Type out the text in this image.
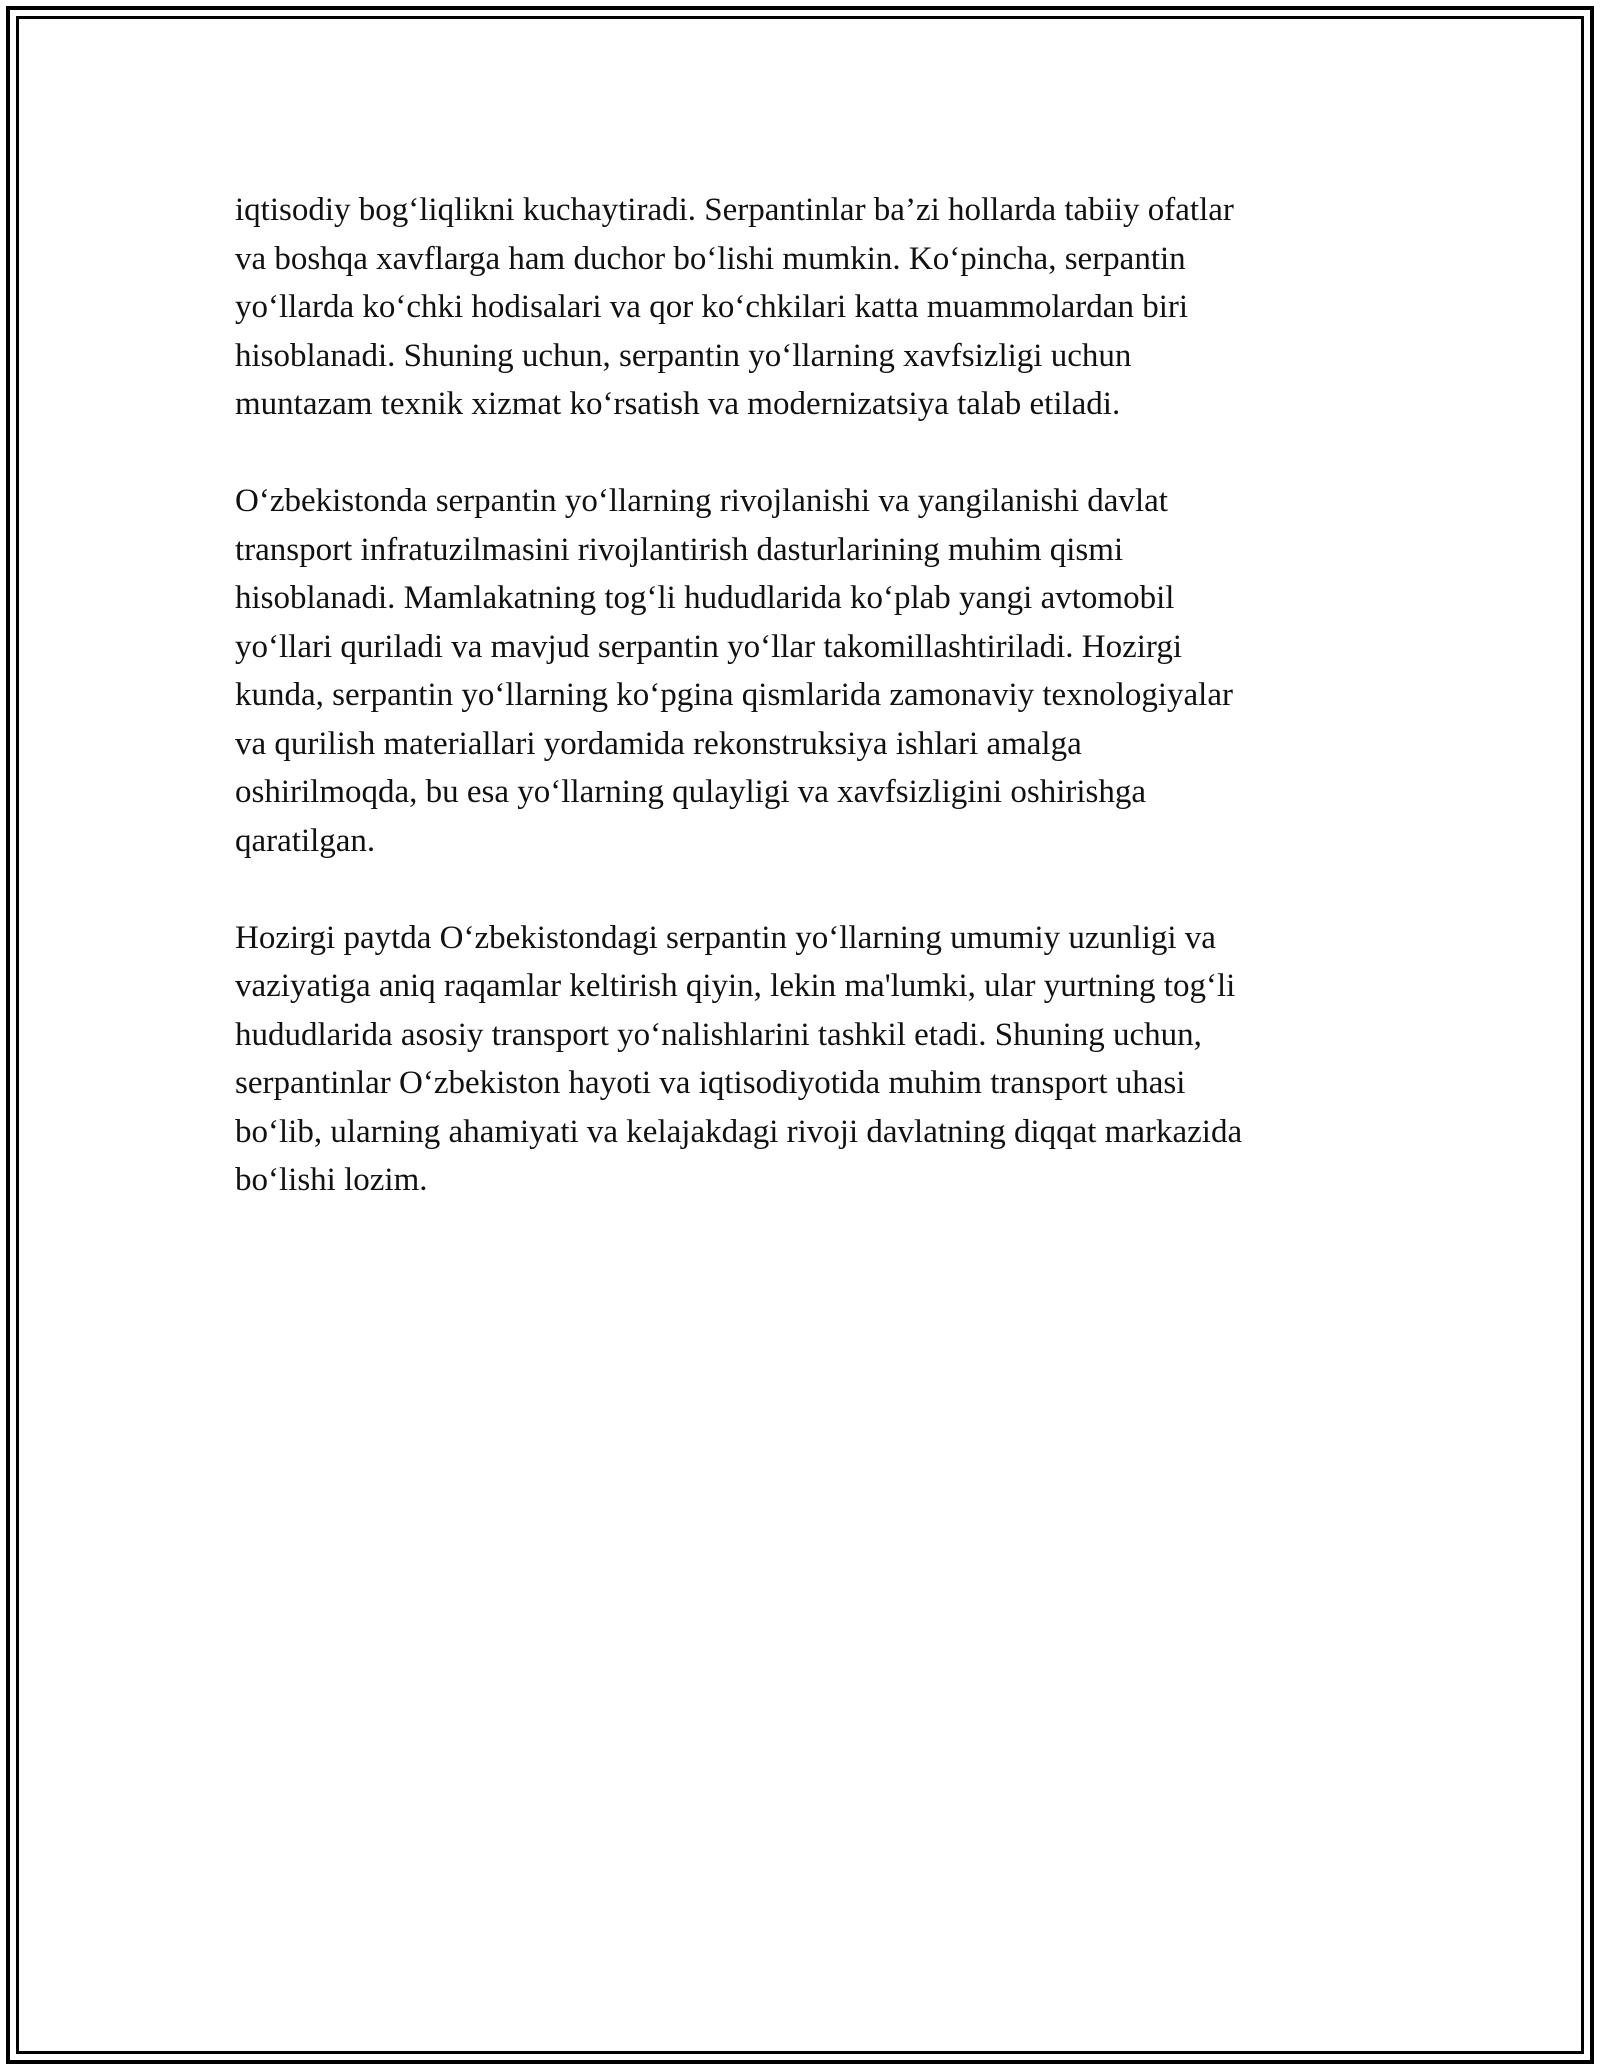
iqtisodiy bog‘liqlikni kuchaytiradi. Serpantinlar ba’zi hollarda tabiiy ofatlar
va boshqa xavflarga ham duchor bo‘lishi mumkin. Ko‘pincha, serpantin
yo‘llarda ko‘chki hodisalari va qor ko‘chkilari katta muammolardan biri
hisoblanadi. Shuning uchun, serpantin yo‘llarning xavfsizligi uchun
muntazam texnik xizmat ko‘rsatish va modernizatsiya talab etiladi.

O‘zbekistonda serpantin yo‘llarning rivojlanishi va yangilanishi davlat
transport infratuzilmasini rivojlantirish dasturlarining muhim qismi
hisoblanadi. Mamlakatning tog‘li hududlarida ko‘plab yangi avtomobil
yo‘llari quriladi va mavjud serpantin yo‘llar takomillashtiriladi. Hozirgi
kunda, serpantin yo‘llarning ko‘pgina qismlarida zamonaviy texnologiyalar
va qurilish materiallari yordamida rekonstruksiya ishlari amalga
oshirilmoqda, bu esa yo‘llarning qulayligi va xavfsizligini oshirishga
qaratilgan.

Hozirgi paytda O‘zbekistondagi serpantin yo‘llarning umumiy uzunligi va
vaziyatiga aniq raqamlar keltirish qiyin, lekin ma'lumki, ular yurtning tog‘li
hududlarida asosiy transport yo‘nalishlarini tashkil etadi. Shuning uchun,
serpantinlar O‘zbekiston hayoti va iqtisodiyotida muhim transport uhasi
bo‘lib, ularning ahamiyati va kelajakdagi rivoji davlatning diqqat markazida
bo‘lishi lozim.
